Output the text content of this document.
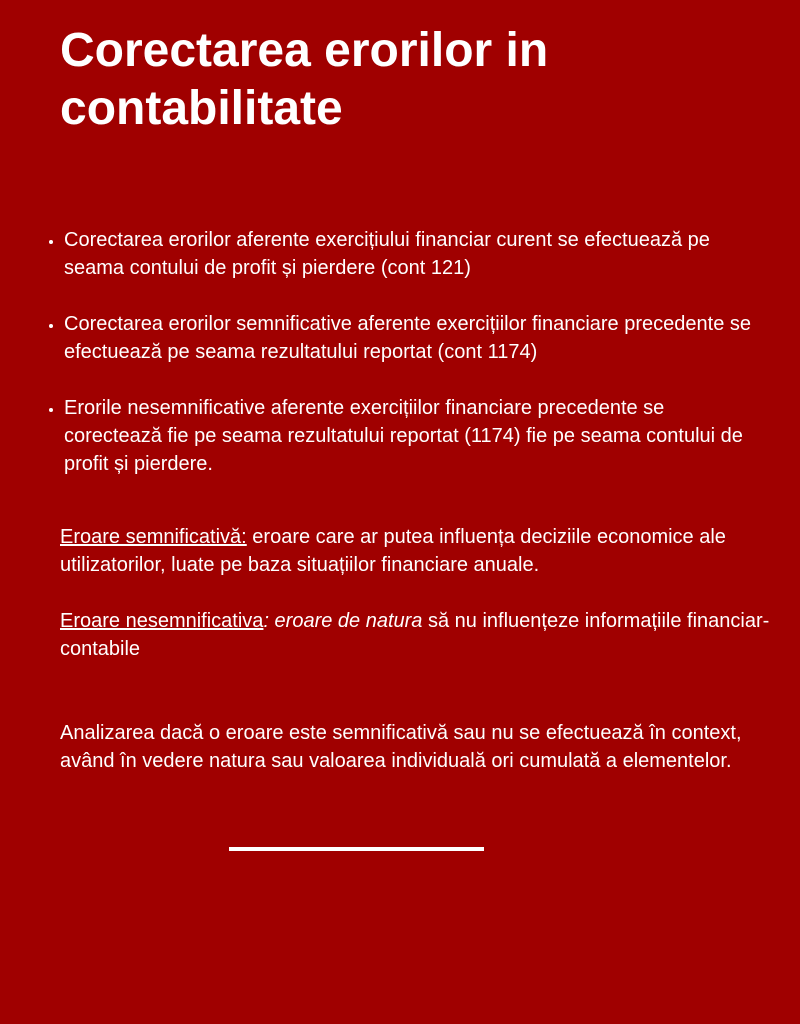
Corectarea erorilor in contabilitate
• Corectarea erorilor aferente exercițiului financiar curent se efectuează pe seama contului de profit și pierdere (cont 121)
• Corectarea erorilor semnificative aferente exercițiilor financiare precedente se efectuează pe seama rezultatului reportat (cont 1174)
• Erorile nesemnificative aferente exercițiilor financiare precedente se corectează fie pe seama rezultatului reportat (1174) fie pe seama contului de profit și pierdere.

Eroare semnificativă: eroare care ar putea influența deciziile economice ale utilizatorilor, luate pe baza situațiilor financiare anuale.

Eroare nesemnificativa: eroare de natura să nu influențeze informațiile financiar-contabile

Analizarea dacă o eroare este semnificativă sau nu se efectuează în context, având în vedere natura sau valoarea individuală ori cumulată a elementelor.
